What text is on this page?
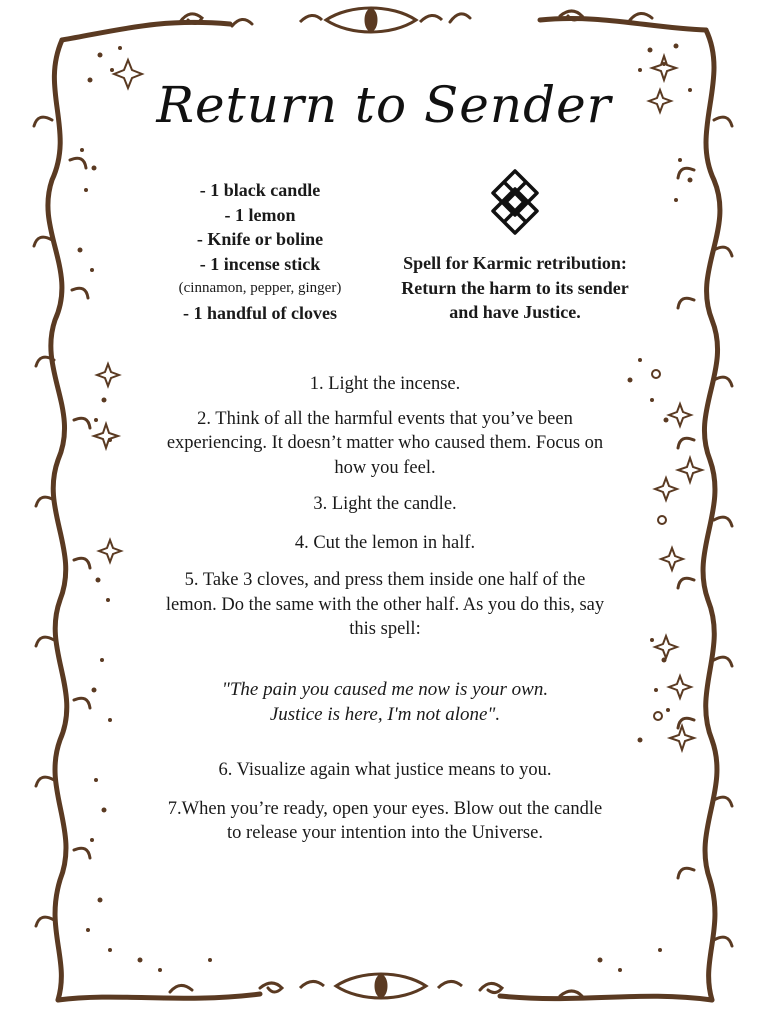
Return to Sender
- 1 black candle
- 1 lemon
- Knife or boline
- 1 incense stick
(cinnamon, pepper, ginger)
- 1 handful of cloves
Spell for Karmic retribution:
Return the harm to its sender
and have Justice.

1. Light the incense.

2. Think of all the harmful events that you’ve been experiencing. It doesn’t matter who caused them. Focus on how you feel.

3. Light the candle.

4. Cut the lemon in half.

5. Take 3 cloves, and press them inside one half of the lemon. Do the same with the other half. As you do this, say this spell:

"The pain you caused me now is your own.
Justice is here, I'm not alone".

6. Visualize again what justice means to you.

7.When you’re ready, open your eyes. Blow out the candle to release your intention into the Universe.
